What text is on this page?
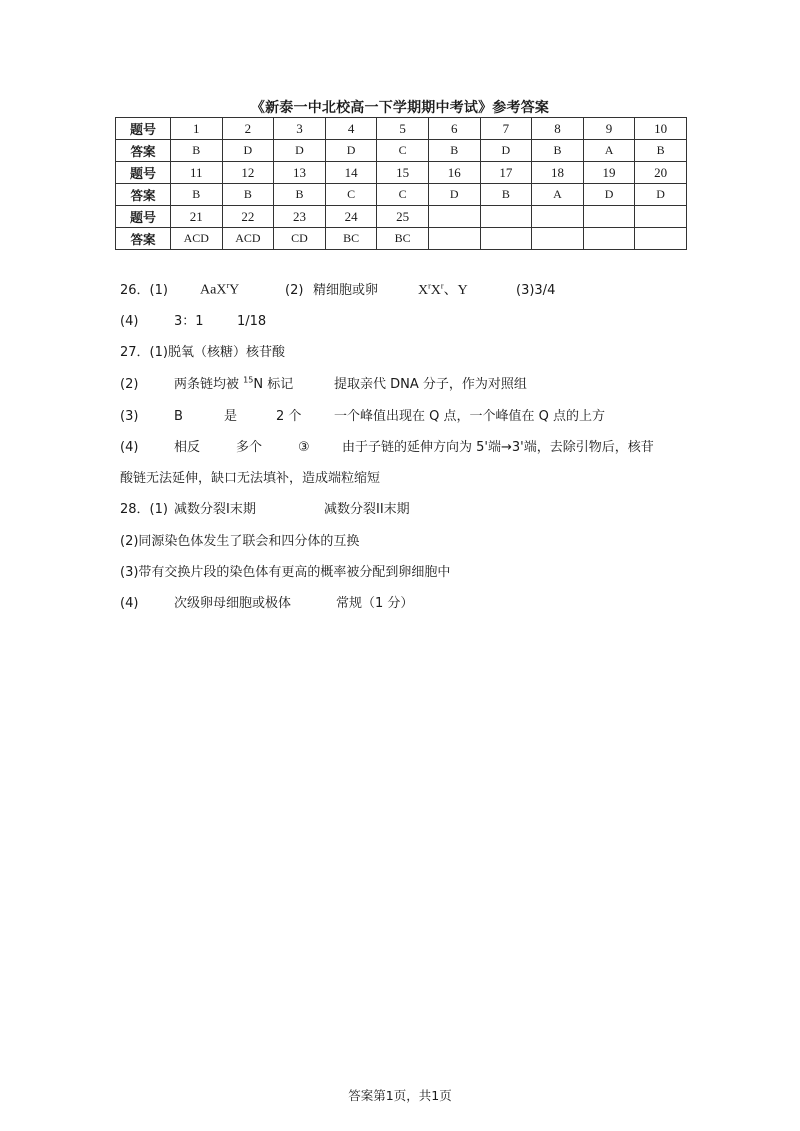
《新泰一中北校高一下学期期中考试》参考答案
题号	1	2	3	4	5	6	7	8	9	10
答案	B	D	D	D	C	B	D	B	A	B
题号	11	12	13	14	15	16	17	18	19	20
答案	B	B	B	C	C	D	B	A	D	D
题号	21	22	23	24	25					
答案	ACD	ACD	CD	BC	BC					
26．(1) AaX$^r$Y	(2) 精细胞或卵	$X^rX^r$、Y	(3)3/4
(4)	3：1	1/18
27．(1)脱氧（核糖）核苷酸
(2)	两条链均被 $^{15}$N 标记	提取亲代 DNA 分子，作为对照组
(3)	B	是	2 个	一个峰值出现在 Q 点，一个峰值在 Q 点的上方
(4)	相反	多个	③ 由于子链的延伸方向为 5'端→3'端，去除引物后，核苷
酸链无法延伸，缺口无法填补，造成端粒缩短
28．(1) 减数分裂I末期	减数分裂II末期
(2)同源染色体发生了联会和四分体的互换
(3)带有交换片段的染色体有更高的概率被分配到卵细胞中
(4)	次级卵母细胞或极体	常规（1 分）
答案第1页，共1页
